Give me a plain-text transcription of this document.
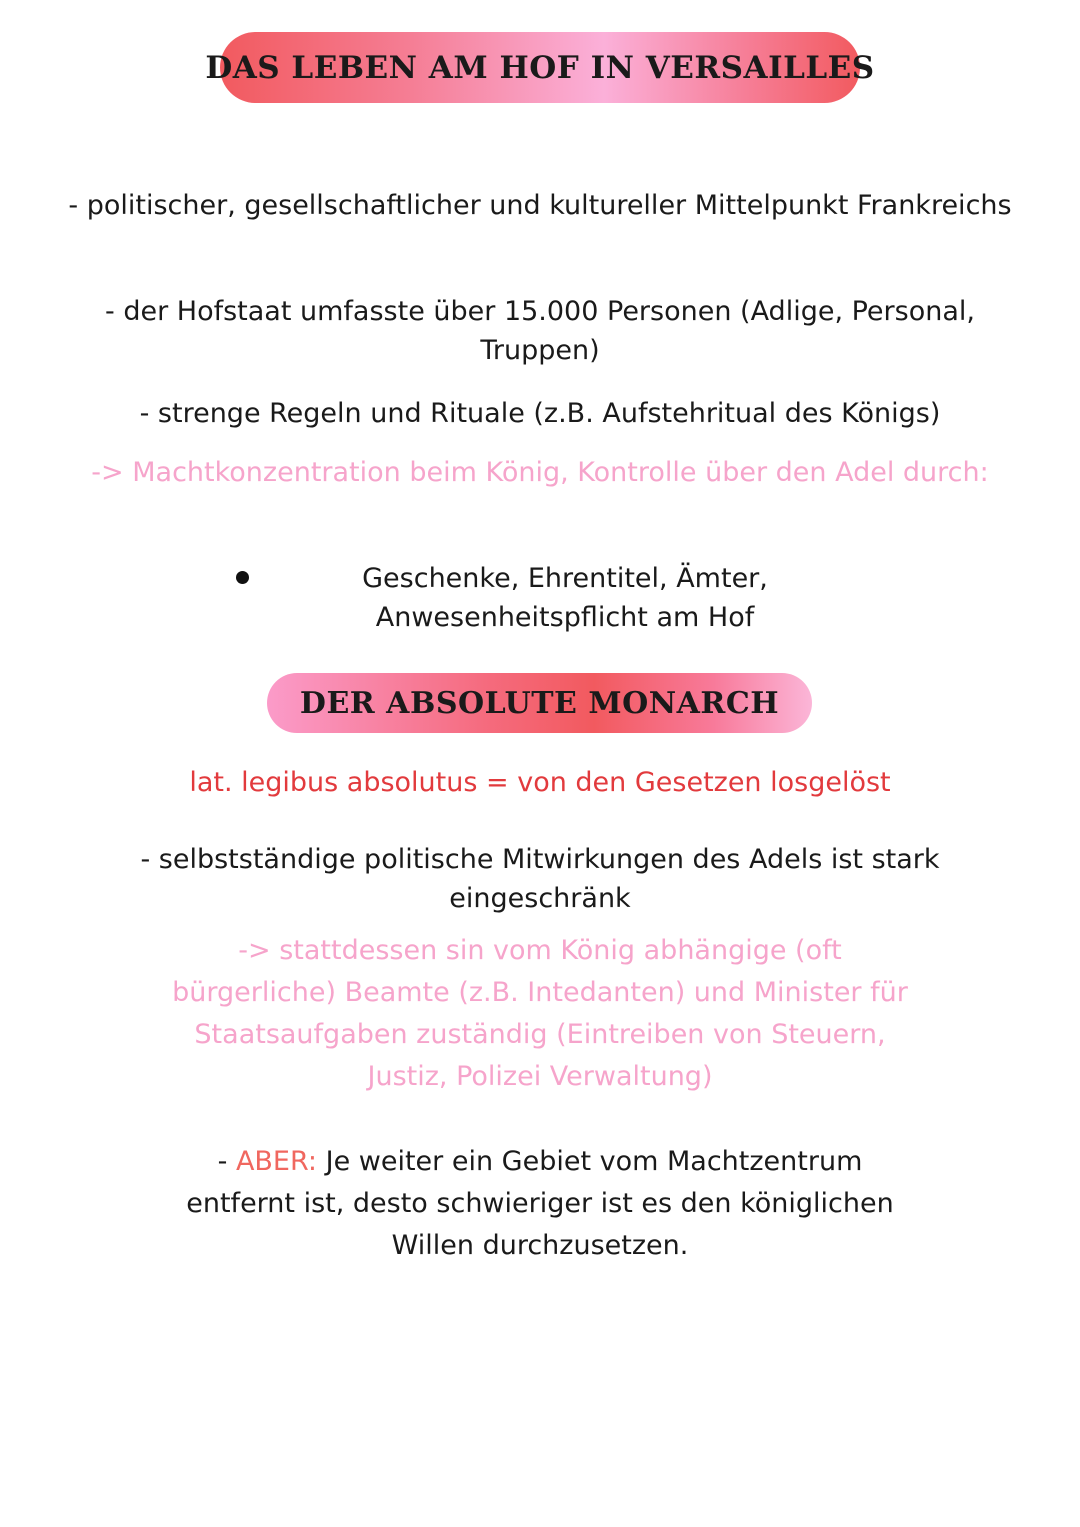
DAS LEBEN AM HOF IN VERSAILLES
- politischer, gesellschaftlicher und kultureller Mittelpunkt Frankreichs
- der Hofstaat umfasste über 15.000 Personen (Adlige, Personal,
Truppen)
- strenge Regeln und Rituale (z.B. Aufstehritual des Königs)
-> Machtkonzentration beim König, Kontrolle über den Adel durch:
Geschenke, Ehrentitel, Ämter,
Anwesenheitspflicht am Hof
DER ABSOLUTE MONARCH
lat. legibus absolutus = von den Gesetzen losgelöst
- selbstständige politische Mitwirkungen des Adels ist stark
eingeschränk
-> stattdessen sin vom König abhängige (oft
bürgerliche) Beamte (z.B. Intedanten) und Minister für
Staatsaufgaben zuständig (Eintreiben von Steuern,
Justiz, Polizei Verwaltung)
- ABER: Je weiter ein Gebiet vom Machtzentrum
entfernt ist, desto schwieriger ist es den königlichen
Willen durchzusetzen.
